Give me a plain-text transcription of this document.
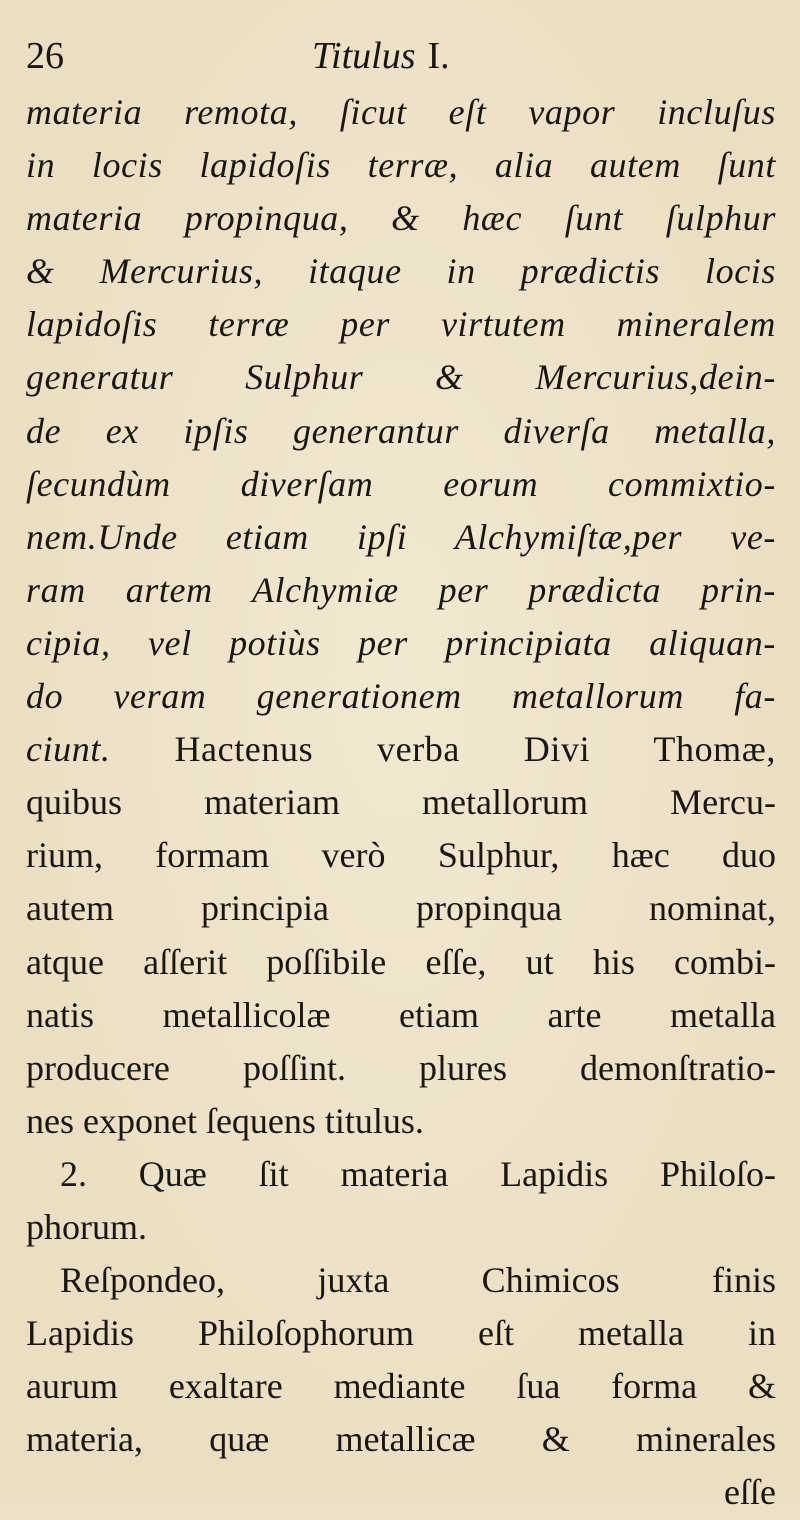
26	Titulus I.
materia remota, ſicut eſt vapor incluſus
in locis lapidoſis terræ, alia autem ſunt
materia propinqua, & hæc ſunt ſulphur
& Mercurius, itaque in prædictis locis
lapidoſis terræ per virtutem mineralem
generatur Sulphur & Mercurius,dein-
de ex ipſis generantur diverſa metalla,
ſecundùm diverſam eorum commixtio-
nem.Unde etiam ipſi Alchymiſtæ,per ve-
ram artem Alchymiæ per prædicta prin-
cipia, vel potiùs per principiata aliquan-
do veram generationem metallorum fa-
ciunt. Hactenus verba Divi Thomæ,
quibus materiam metallorum Mercu-
rium, formam verò Sulphur, hæc duo
autem principia propinqua nominat,
atque aſſerit poſſibile eſſe, ut his combi-
natis metallicolæ etiam arte metalla
producere poſſint. plures demonſtratio-
nes exponet ſequens titulus.
2. Quæ ſit materia Lapidis Philoſo-
phorum.
Reſpondeo, juxta Chimicos finis
Lapidis Philoſophorum eſt metalla in
aurum exaltare mediante ſua forma &
materia, quæ metallicæ & minerales
eſſe
